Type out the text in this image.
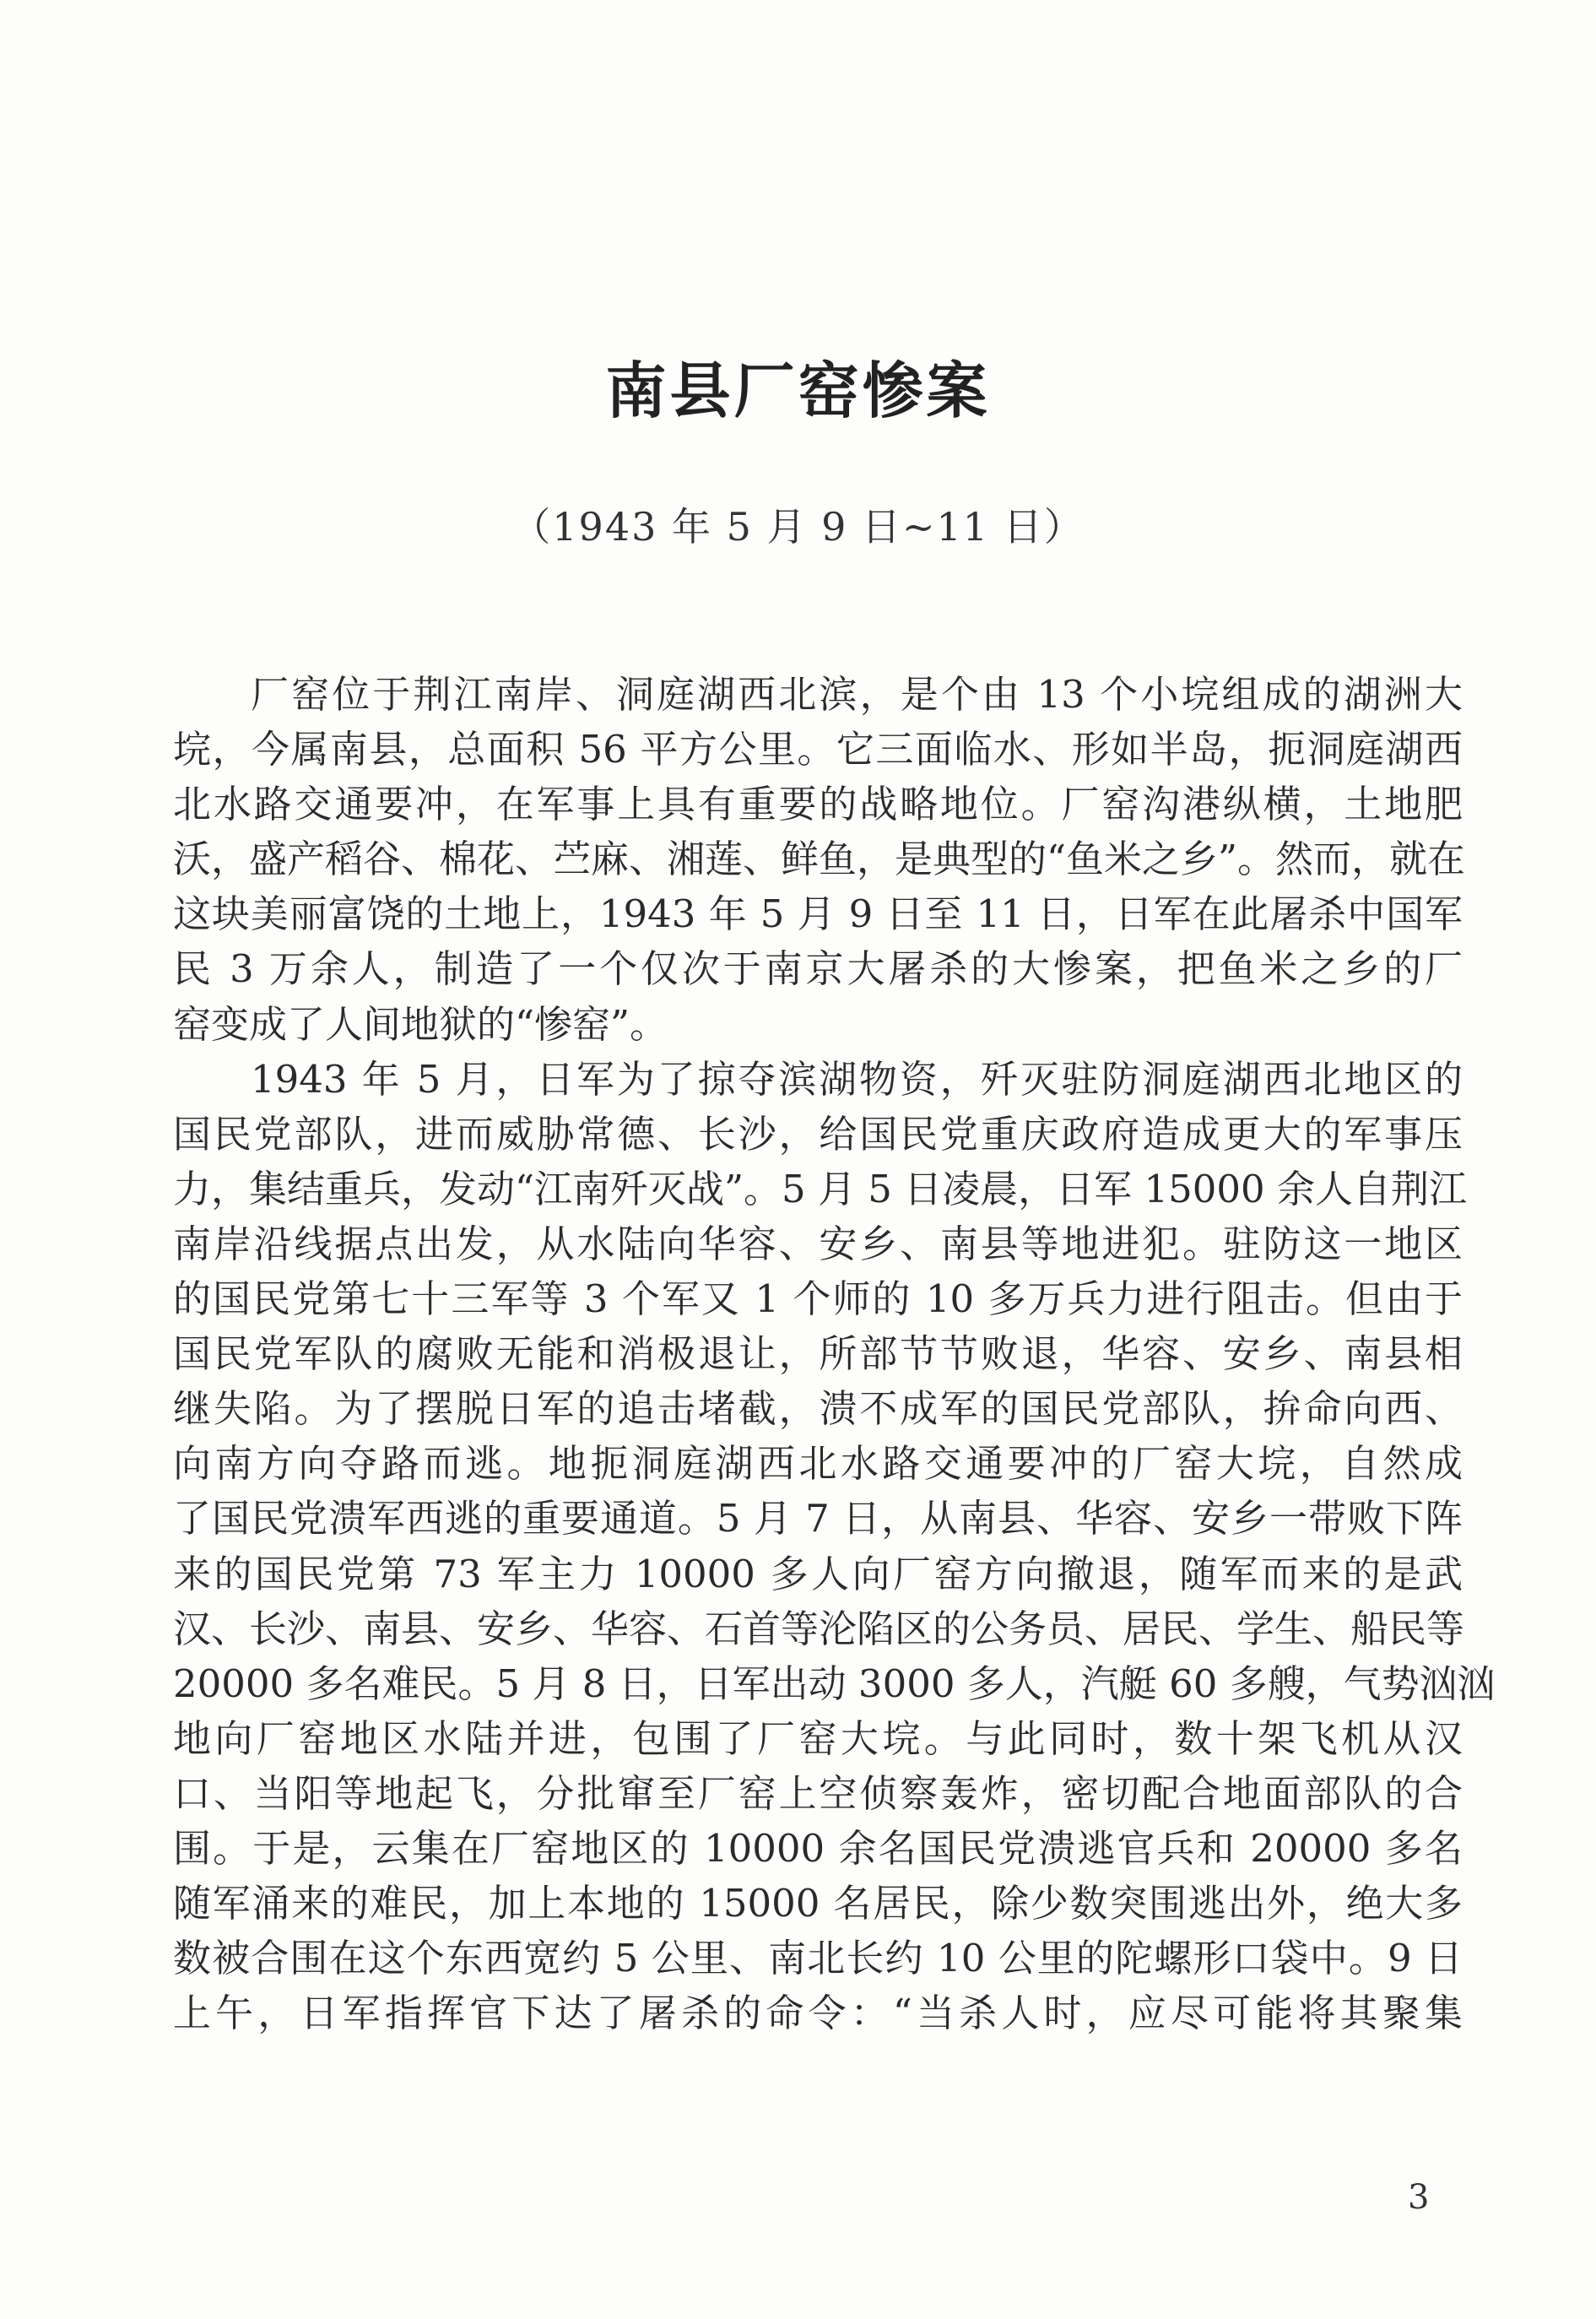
南县厂窑惨案
（1943 年 5 月 9 日~11 日）
厂窑位于荆江南岸、洞庭湖西北滨，是个由 13 个小垸组成的湖洲大
垸，今属南县，总面积 56 平方公里。它三面临水、形如半岛，扼洞庭湖西
北水路交通要冲，在军事上具有重要的战略地位。厂窑沟港纵横，土地肥
沃，盛产稻谷、棉花、苎麻、湘莲、鲜鱼，是典型的“鱼米之乡”。然而，就在
这块美丽富饶的土地上，1943 年 5 月 9 日至 11 日，日军在此屠杀中国军
民 3 万余人，制造了一个仅次于南京大屠杀的大惨案，把鱼米之乡的厂
窑变成了人间地狱的“惨窑”。
1943 年 5 月，日军为了掠夺滨湖物资，歼灭驻防洞庭湖西北地区的
国民党部队，进而威胁常德、长沙，给国民党重庆政府造成更大的军事压
力，集结重兵，发动“江南歼灭战”。5 月 5 日凌晨，日军 15000 余人自荆江
南岸沿线据点出发，从水陆向华容、安乡、南县等地进犯。驻防这一地区
的国民党第七十三军等 3 个军又 1 个师的 10 多万兵力进行阻击。但由于
国民党军队的腐败无能和消极退让，所部节节败退，华容、安乡、南县相
继失陷。为了摆脱日军的追击堵截，溃不成军的国民党部队，拚命向西、
向南方向夺路而逃。地扼洞庭湖西北水路交通要冲的厂窑大垸，自然成
了国民党溃军西逃的重要通道。5 月 7 日，从南县、华容、安乡一带败下阵
来的国民党第 73 军主力 10000 多人向厂窑方向撤退，随军而来的是武
汉、长沙、南县、安乡、华容、石首等沦陷区的公务员、居民、学生、船民等
20000 多名难民。5 月 8 日，日军出动 3000 多人，汽艇 60 多艘，气势汹汹
地向厂窑地区水陆并进，包围了厂窑大垸。与此同时，数十架飞机从汉
口、当阳等地起飞，分批窜至厂窑上空侦察轰炸，密切配合地面部队的合
围。于是，云集在厂窑地区的 10000 余名国民党溃逃官兵和 20000 多名
随军涌来的难民，加上本地的 15000 名居民，除少数突围逃出外，绝大多
数被合围在这个东西宽约 5 公里、南北长约 10 公里的陀螺形口袋中。9 日
上午，日军指挥官下达了屠杀的命令：“当杀人时，应尽可能将其聚集
3
